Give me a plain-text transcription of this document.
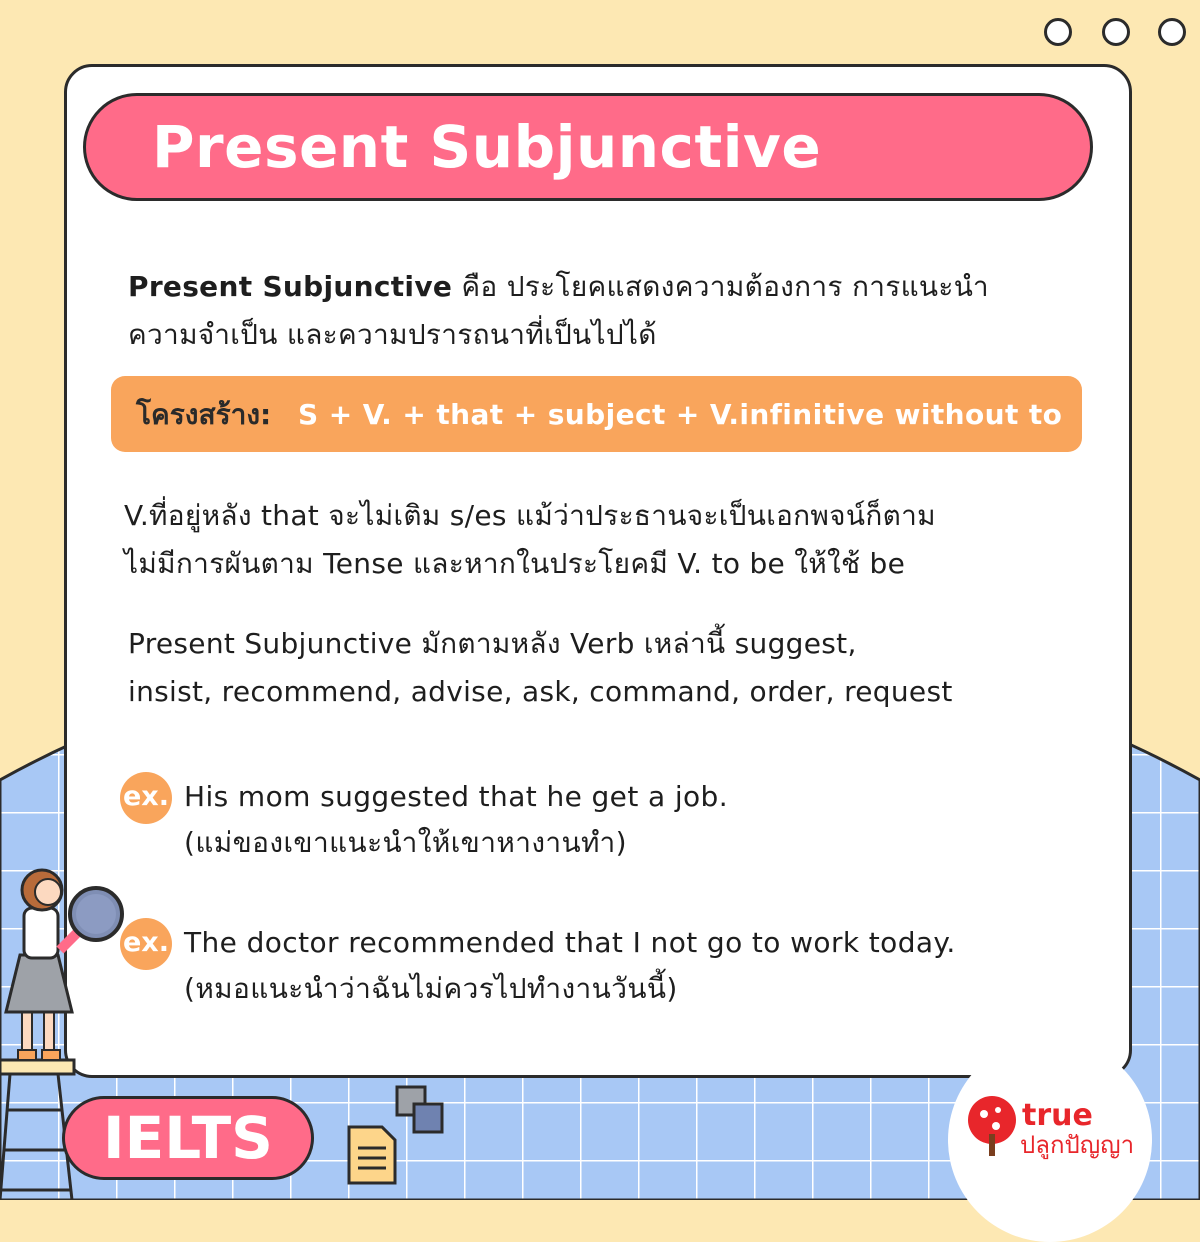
Present Subjunctive
Present Subjunctive คือ ประโยคแสดงความต้องการ การแนะนำ
ความจำเป็น และความปรารถนาที่เป็นไปได้
โครงสร้าง: S + V. + that + subject + V.infinitive without to
V.ที่อยู่หลัง that จะไม่เติม s/es แม้ว่าประธานจะเป็นเอกพจน์ก็ตาม
ไม่มีการผันตาม Tense และหากในประโยคมี V. to be ให้ใช้ be
Present Subjunctive มักตามหลัง Verb เหล่านี้ suggest,
insist, recommend, advise, ask, command, order, request
ex. His mom suggested that he get a job.
(แม่ของเขาแนะนำให้เขาหางานทำ)
ex. The doctor recommended that I not go to work today.
(หมอแนะนำว่าฉันไม่ควรไปทำงานวันนี้)
IELTS	true
ปลูกปัญญา
